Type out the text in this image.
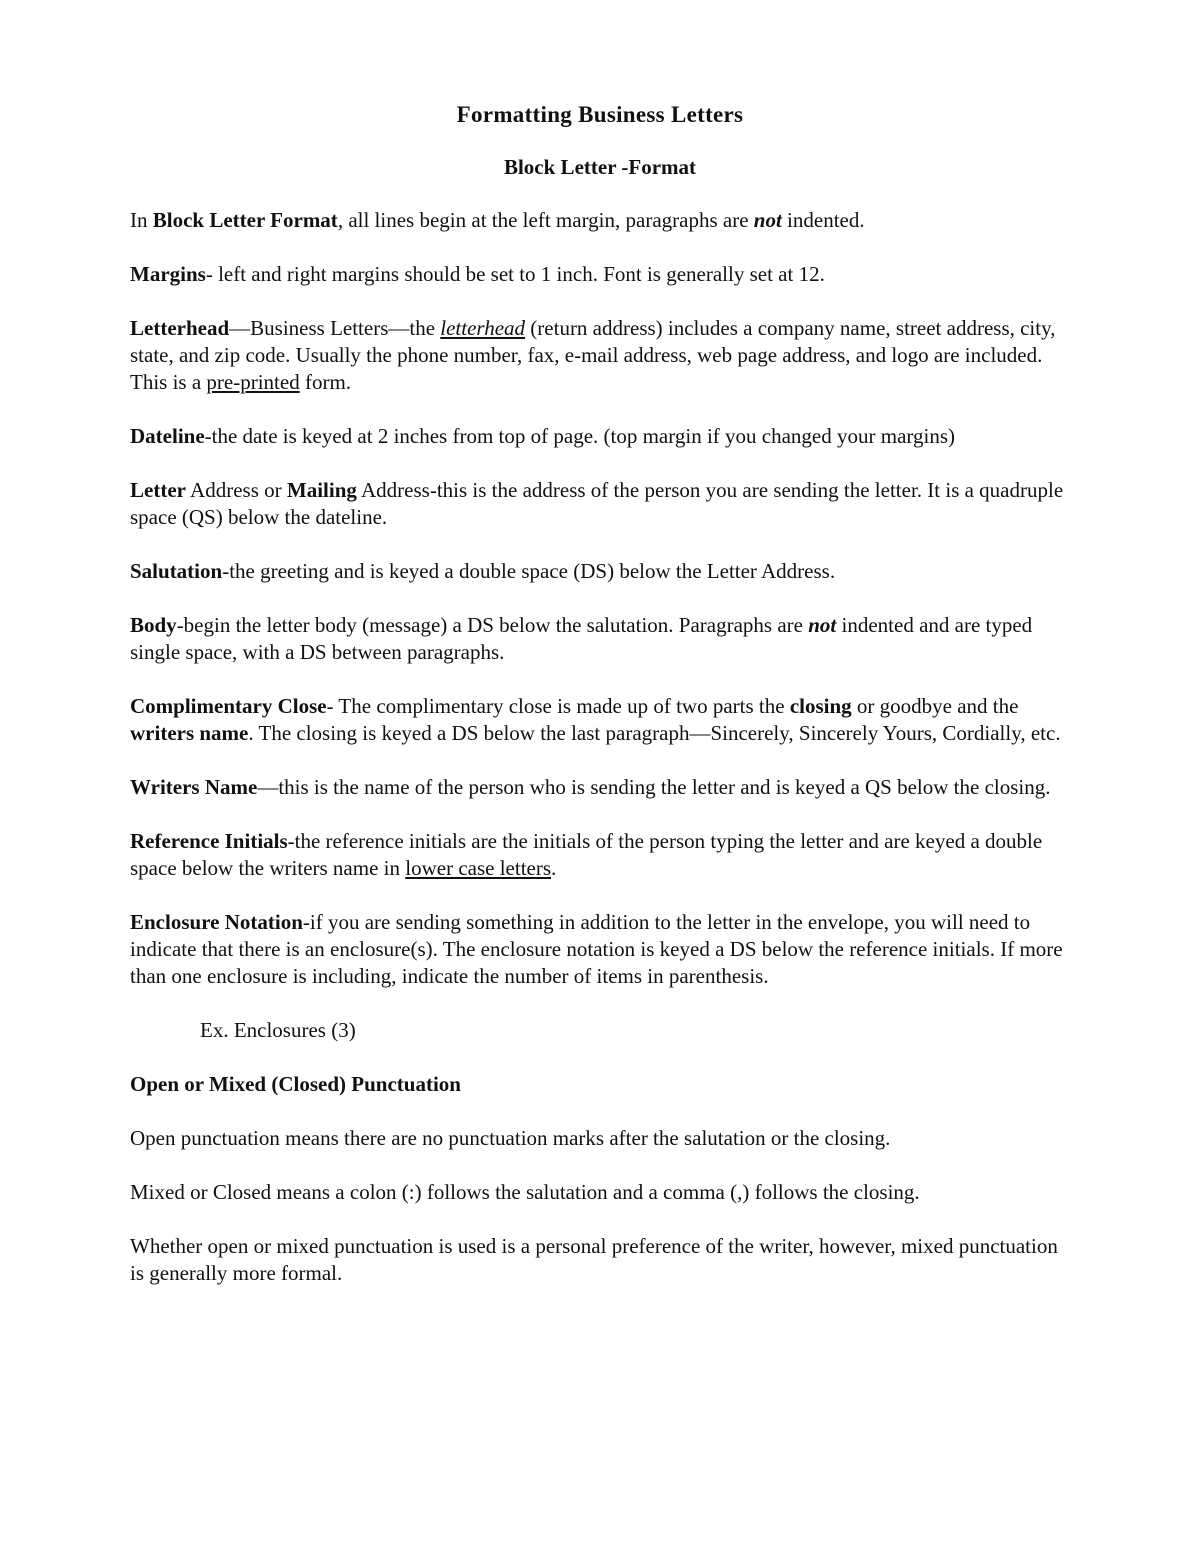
Formatting Business Letters
Block Letter -Format

In Block Letter Format, all lines begin at the left margin, paragraphs are not indented.

Margins- left and right margins should be set to 1 inch. Font is generally set at 12.

Letterhead—Business Letters—the letterhead (return address) includes a company name, street address, city, state, and zip code. Usually the phone number, fax, e-mail address, web page address, and logo are included. This is a pre-printed form.

Dateline-the date is keyed at 2 inches from top of page. (top margin if you changed your margins)

Letter Address or Mailing Address-this is the address of the person you are sending the letter. It is a quadruple space (QS) below the dateline.

Salutation-the greeting and is keyed a double space (DS) below the Letter Address.

Body-begin the letter body (message) a DS below the salutation. Paragraphs are not indented and are typed single space, with a DS between paragraphs.

Complimentary Close- The complimentary close is made up of two parts the closing or goodbye and the writers name. The closing is keyed a DS below the last paragraph—Sincerely, Sincerely Yours, Cordially, etc.

Writers Name—this is the name of the person who is sending the letter and is keyed a QS below the closing.

Reference Initials-the reference initials are the initials of the person typing the letter and are keyed a double space below the writers name in lower case letters.

Enclosure Notation-if you are sending something in addition to the letter in the envelope, you will need to indicate that there is an enclosure(s). The enclosure notation is keyed a DS below the reference initials. If more than one enclosure is including, indicate the number of items in parenthesis.

Ex. Enclosures (3)

Open or Mixed (Closed) Punctuation

Open punctuation means there are no punctuation marks after the salutation or the closing.

Mixed or Closed means a colon (:) follows the salutation and a comma (,) follows the closing.

Whether open or mixed punctuation is used is a personal preference of the writer, however, mixed punctuation is generally more formal.
